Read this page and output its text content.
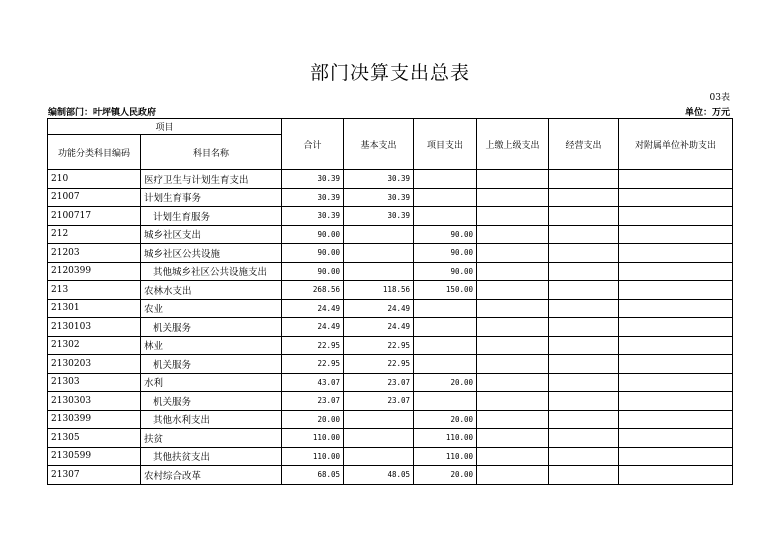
部门决算支出总表
03表
编制部门：叶坪镇人民政府	单位：万元
项目		合计	基本支出	项目支出	上缴上级支出	经营支出	对附属单位补助支出
功能分类科目编码	科目名称						
210	医疗卫生与计划生育支出	30.39	30.39				
21007	计划生育事务	30.39	30.39				
2100717	计划生育服务	30.39	30.39				
212	城乡社区支出	90.00		90.00			
21203	城乡社区公共设施	90.00		90.00			
2120399	其他城乡社区公共设施支出	90.00		90.00			
213	农林水支出	268.56	118.56	150.00			
21301	农业	24.49	24.49				
2130103	机关服务	24.49	24.49				
21302	林业	22.95	22.95				
2130203	机关服务	22.95	22.95				
21303	水利	43.07	23.07	20.00			
2130303	机关服务	23.07	23.07				
2130399	其他水利支出	20.00		20.00			
21305	扶贫	110.00		110.00			
2130599	其他扶贫支出	110.00		110.00			
21307	农村综合改革	68.05	48.05	20.00			
